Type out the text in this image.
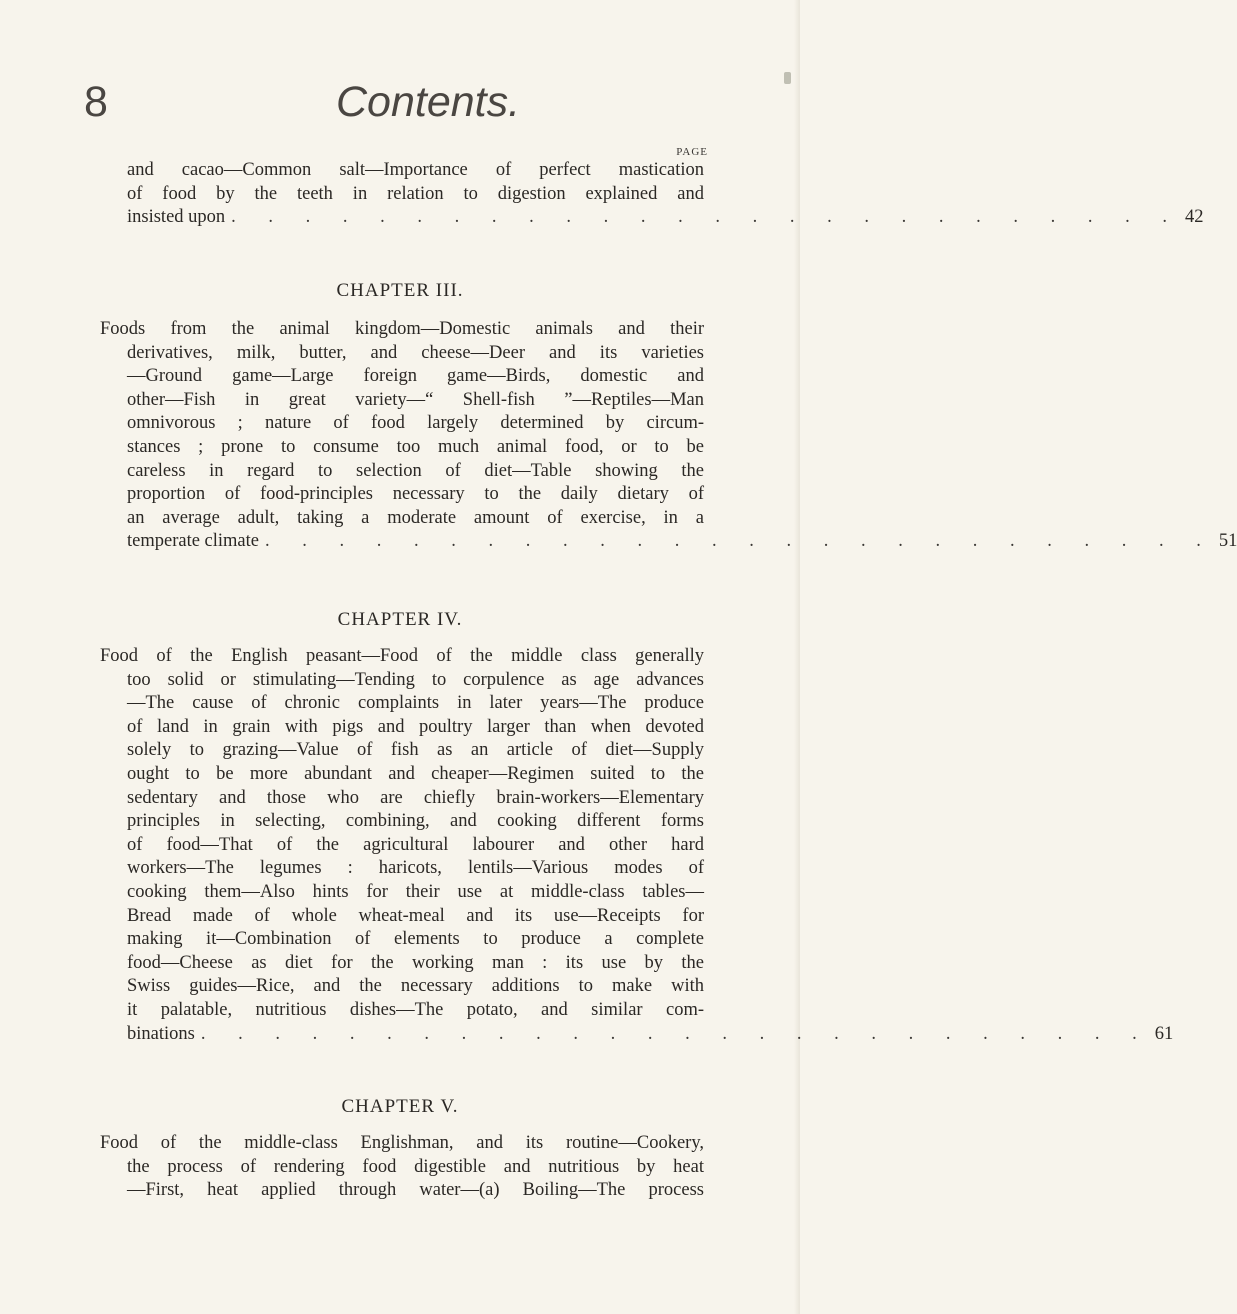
8	Contents.
PAGE
and cacao—Common salt—Importance of perfect mastication
of food by the teeth in relation to digestion explained and
insisted upon . . . . . . . . . . . . . . . . . . . . . . . . . . 42
CHAPTER III.
Foods from the animal kingdom—Domestic animals and their
derivatives, milk, butter, and cheese—Deer and its varieties
—Ground game—Large foreign game—Birds, domestic and
other—Fish in great variety—“ Shell-fish ”—Reptiles—Man
omnivorous ; nature of food largely determined by circum-
stances ; prone to consume too much animal food, or to be
careless in regard to selection of diet—Table showing the
proportion of food-principles necessary to the daily dietary of
an average adult, taking a moderate amount of exercise, in a
temperate climate . . . . . . . . . . . . . . . . . . . . . . . . . . 51
CHAPTER IV.
Food of the English peasant—Food of the middle class generally
too solid or stimulating—Tending to corpulence as age advances
—The cause of chronic complaints in later years—The produce
of land in grain with pigs and poultry larger than when devoted
solely to grazing—Value of fish as an article of diet—Supply
ought to be more abundant and cheaper—Regimen suited to the
sedentary and those who are chiefly brain-workers—Elementary
principles in selecting, combining, and cooking different forms
of food—That of the agricultural labourer and other hard
workers—The legumes : haricots, lentils—Various modes of
cooking them—Also hints for their use at middle-class tables—
Bread made of whole wheat-meal and its use—Receipts for
making it—Combination of elements to produce a complete
food—Cheese as diet for the working man : its use by the
Swiss guides—Rice, and the necessary additions to make with
it palatable, nutritious dishes—The potato, and similar com-
binations . . . . . . . . . . . . . . . . . . . . . . . . . . 61
CHAPTER V.
Food of the middle-class Englishman, and its routine—Cookery,
the process of rendering food digestible and nutritious by heat
—First, heat applied through water—(a) Boiling—The process
